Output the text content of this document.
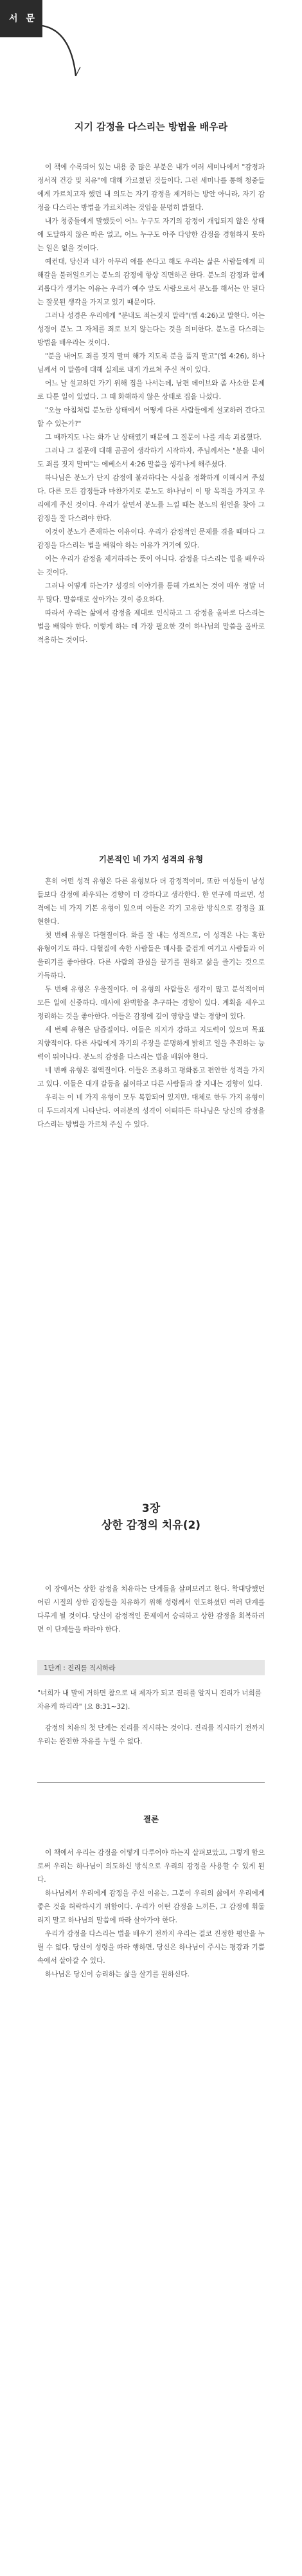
서 문
지기 감정을 다스리는 방법을 배우라

이 책에 수록되어 있는 내용 중 많은 부분은 내가 여러 세미나에서 "감정과 정서적 건강 및 치유"에 대해 가르쳤던 것들이다. 그런 세미나를 통해 청중들에게 가르치고자 했던 내 의도는 자기 감정을 제거하는 방안 아니라, 자기 감정을 다스리는 방법을 가르치려는 것임을 분명히 밝혔다.

내가 청중들에게 말했듯이 어느 누구도 자기의 감정이 개입되지 않은 상태에 도달하지 않은 따은 없고, 어느 누구도 아주 다양한 감정을 경험하지 못하는 일은 없을 것이다.

예컨대, 당신과 내가 아무리 애를 쓴다고 해도 우리는 삶은 사람들에게 피해갈을 불러일으키는 분노의 감정에 항상 직면하곤 한다. 분노의 감정과 함께 괴롭다가 생기는 이유는 우리가 예수 앞도 사랑으로서 분노를 해서는 안 된다는 잘못된 생각을 가지고 있기 때문이다.

그러나 성경은 우리에게 "분내도 죄는짓지 말라"(엡 4:26)고 말한다. 이는 성경이 분노 그 자체를 죄로 보지 않는다는 것을 의미한다. 분노를 다스리는 방법을 배우라는 것이다.

"분을 내어도 죄를 짓지 말며 해가 지도록 분을 품지 말고"(엡 4:26), 하나님께서 이 말씀에 대해 실제로 내게 가르쳐 주신 적이 있다.

어느 날 설교하던 가기 위해 집을 나서는데, 남편 데이브와 좀 사소한 문제로 다툰 일이 있었다. 그 때 화해하지 않은 상태로 집을 나섰다.

"오늘 아침처럼 분노한 상태에서 어떻게 다른 사람들에게 설교하러 간다고 할 수 있는가?"

그 때까지도 나는 화가 난 상태였기 때문에 그 질문이 나를 계속 괴롭혔다.

그러나 그 질문에 대해 곰곰이 생각하기 시작하자, 주님께서는 "분을 내어도 죄를 짓지 말며"는 에베소서 4:26 말씀을 생각나게 해주셨다.

하나님은 분노가 단지 감정에 불과하다는 사실을 정확하게 이해시켜 주셨다. 다른 모든 감정들과 마찬가지로 분노도 하나님이 이 땅 목적을 가지고 우리에게 주신 것이다. 우리가 살면서 분노를 느낄 때는 분노의 원인을 찾아 그 감정을 잘 다스려야 한다.

이것이 분노가 존재하는 이유이다. 우리가 감정적인 문제를 겪을 때마다 그 감정을 다스리는 법을 배워야 하는 이유가 거기에 있다.

이는 우리가 감정을 제거하라는 뜻이 아니다. 감정을 다스리는 법을 배우라는 것이다.

그러나 어떻게 하는가? 성경의 이야기를 통해 가르치는 것이 매우 정말 너무 많다. 말씀대로 살아가는 것이 중요하다.

따라서 우리는 삶에서 감정을 제대로 인식하고 그 감정을 올바로 다스리는 법을 배워야 한다. 이렇게 하는 데 가장 필요한 것이 하나님의 말씀을 올바로 적용하는 것이다.

기본적인 네 가지 성격의 유형

흔히 어떤 성격 유형은 다른 유형보다 더 감정적이며, 또한 여성들이 남성들보다 감정에 좌우되는 경향이 더 강하다고 생각한다. 한 연구에 따르면, 성격에는 네 가지 기본 유형이 있으며 이들은 각기 고유한 방식으로 감정을 표현한다.

첫 번째 유형은 다혈질이다. 화를 잘 내는 성격으로, 이 성격은 나는 혹한 유형이기도 하다. 다혈질에 속한 사람들은 매사를 즐겁게 여기고 사람들과 어울리기를 좋아한다. 다른 사람의 관심을 끌기를 원하고 삶을 즐기는 것으로 가득하다.

두 번째 유형은 우울질이다. 이 유형의 사람들은 생각이 많고 분석적이며 모든 일에 신중하다. 매사에 완벽함을 추구하는 경향이 있다. 계획을 세우고 정리하는 것을 좋아한다. 이들은 감정에 깊이 영향을 받는 경향이 있다.

세 번째 유형은 담즙질이다. 이들은 의지가 강하고 지도력이 있으며 목표 지향적이다. 다른 사람에게 자기의 주장을 분명하게 밝히고 일을 추진하는 능력이 뛰어나다. 분노의 감정을 다스리는 법을 배워야 한다.

네 번째 유형은 점액질이다. 이들은 조용하고 평화롭고 편안한 성격을 가지고 있다. 이들은 대개 갈등을 싫어하고 다른 사람들과 잘 지내는 경향이 있다.

우리는 이 네 가지 유형이 모두 복합되어 있지만, 대체로 한두 가지 유형이 더 두드러지게 나타난다. 여러분의 성격이 어떠하든 하나님은 당신의 감정을 다스리는 방법을 가르쳐 주실 수 있다.

3장
상한 감정의 치유(2)

이 장에서는 상한 감정을 치유하는 단계들을 살펴보려고 한다. 학대당했던 어린 시절의 상한 감정들을 치유하기 위해 성령께서 인도하셨던 여러 단계를 다루게 될 것이다. 당신이 감정적인 문제에서 승리하고 상한 감정을 회복하려면 이 단계들을 따라야 한다.

1단계 : 진리를 직시하라

"너희가 내 말에 거하면 참으로 내 제자가 되고 진리를 알지니 진리가 너희를 자유케 하리라" (요 8:31~32).

감정의 치유의 첫 단계는 진리를 직시하는 것이다. 진리를 직시하기 전까지 우리는 완전한 자유를 누릴 수 없다.

결론

이 책에서 우리는 감정을 어떻게 다루어야 하는지 살펴보았고, 그렇게 함으로써 우리는 하나님이 의도하신 방식으로 우리의 감정을 사용할 수 있게 된다.

하나님께서 우리에게 감정을 주신 이유는, 그분이 우리의 삶에서 우리에게 좋은 것을 허락하시기 위함이다. 우리가 어떤 감정을 느끼든, 그 감정에 휘둘리지 말고 하나님의 말씀에 따라 살아가야 한다.

우리가 감정을 다스리는 법을 배우기 전까지 우리는 결코 진정한 평안을 누릴 수 없다. 당신이 성령을 따라 행하면, 당신은 하나님이 주시는 평강과 기쁨 속에서 살아갈 수 있다.

하나님은 당신이 승리하는 삶을 살기를 원하신다.
